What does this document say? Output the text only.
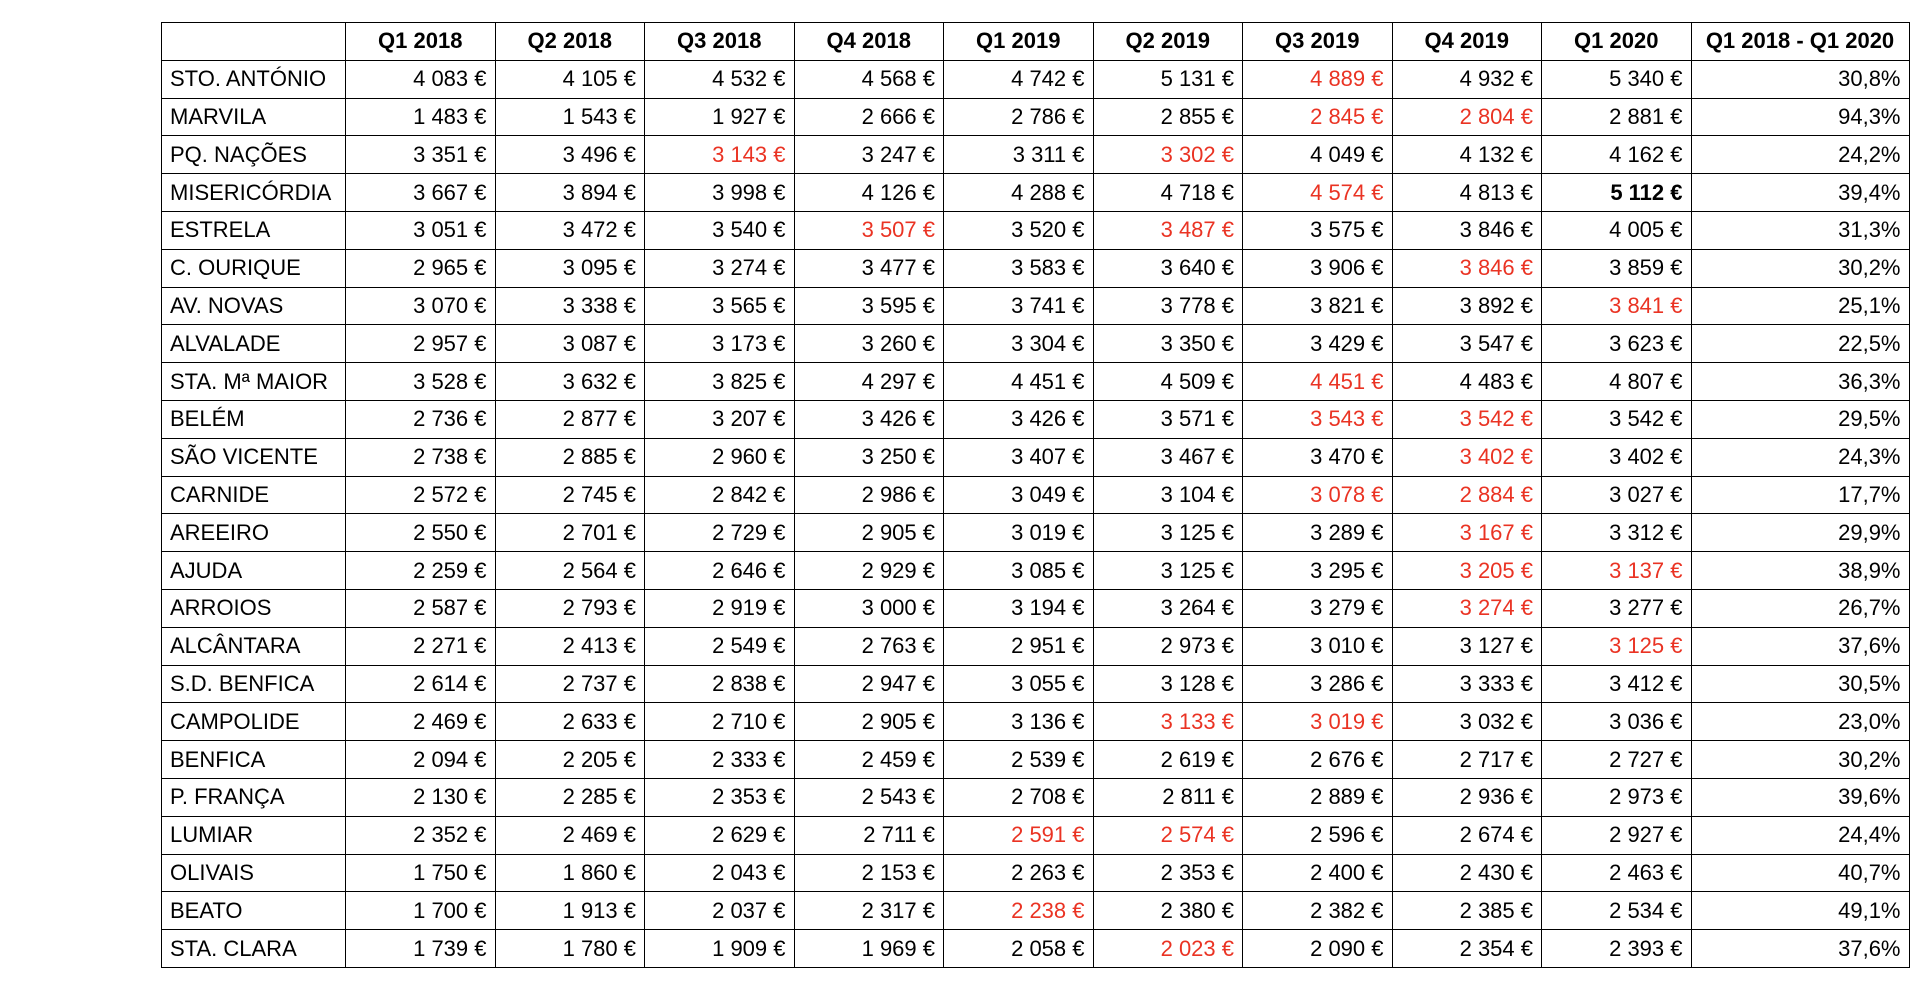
	Q1 2018	Q2 2018	Q3 2018	Q4 2018	Q1 2019	Q2 2019	Q3 2019	Q4 2019	Q1 2020	Q1 2018 - Q1 2020
STO. ANTÓNIO	4 083 €	4 105 €	4 532 €	4 568 €	4 742 €	5 131 €	4 889 €	4 932 €	5 340 €	30,8%
MARVILA	1 483 €	1 543 €	1 927 €	2 666 €	2 786 €	2 855 €	2 845 €	2 804 €	2 881 €	94,3%
PQ. NAÇÕES	3 351 €	3 496 €	3 143 €	3 247 €	3 311 €	3 302 €	4 049 €	4 132 €	4 162 €	24,2%
MISERICÓRDIA	3 667 €	3 894 €	3 998 €	4 126 €	4 288 €	4 718 €	4 574 €	4 813 €	5 112 €	39,4%
ESTRELA	3 051 €	3 472 €	3 540 €	3 507 €	3 520 €	3 487 €	3 575 €	3 846 €	4 005 €	31,3%
C. OURIQUE	2 965 €	3 095 €	3 274 €	3 477 €	3 583 €	3 640 €	3 906 €	3 846 €	3 859 €	30,2%
AV. NOVAS	3 070 €	3 338 €	3 565 €	3 595 €	3 741 €	3 778 €	3 821 €	3 892 €	3 841 €	25,1%
ALVALADE	2 957 €	3 087 €	3 173 €	3 260 €	3 304 €	3 350 €	3 429 €	3 547 €	3 623 €	22,5%
STA. Mª MAIOR	3 528 €	3 632 €	3 825 €	4 297 €	4 451 €	4 509 €	4 451 €	4 483 €	4 807 €	36,3%
BELÉM	2 736 €	2 877 €	3 207 €	3 426 €	3 426 €	3 571 €	3 543 €	3 542 €	3 542 €	29,5%
SÃO VICENTE	2 738 €	2 885 €	2 960 €	3 250 €	3 407 €	3 467 €	3 470 €	3 402 €	3 402 €	24,3%
CARNIDE	2 572 €	2 745 €	2 842 €	2 986 €	3 049 €	3 104 €	3 078 €	2 884 €	3 027 €	17,7%
AREEIRO	2 550 €	2 701 €	2 729 €	2 905 €	3 019 €	3 125 €	3 289 €	3 167 €	3 312 €	29,9%
AJUDA	2 259 €	2 564 €	2 646 €	2 929 €	3 085 €	3 125 €	3 295 €	3 205 €	3 137 €	38,9%
ARROIOS	2 587 €	2 793 €	2 919 €	3 000 €	3 194 €	3 264 €	3 279 €	3 274 €	3 277 €	26,7%
ALCÂNTARA	2 271 €	2 413 €	2 549 €	2 763 €	2 951 €	2 973 €	3 010 €	3 127 €	3 125 €	37,6%
S.D. BENFICA	2 614 €	2 737 €	2 838 €	2 947 €	3 055 €	3 128 €	3 286 €	3 333 €	3 412 €	30,5%
CAMPOLIDE	2 469 €	2 633 €	2 710 €	2 905 €	3 136 €	3 133 €	3 019 €	3 032 €	3 036 €	23,0%
BENFICA	2 094 €	2 205 €	2 333 €	2 459 €	2 539 €	2 619 €	2 676 €	2 717 €	2 727 €	30,2%
P. FRANÇA	2 130 €	2 285 €	2 353 €	2 543 €	2 708 €	2 811 €	2 889 €	2 936 €	2 973 €	39,6%
LUMIAR	2 352 €	2 469 €	2 629 €	2 711 €	2 591 €	2 574 €	2 596 €	2 674 €	2 927 €	24,4%
OLIVAIS	1 750 €	1 860 €	2 043 €	2 153 €	2 263 €	2 353 €	2 400 €	2 430 €	2 463 €	40,7%
BEATO	1 700 €	1 913 €	2 037 €	2 317 €	2 238 €	2 380 €	2 382 €	2 385 €	2 534 €	49,1%
STA. CLARA	1 739 €	1 780 €	1 909 €	1 969 €	2 058 €	2 023 €	2 090 €	2 354 €	2 393 €	37,6%
